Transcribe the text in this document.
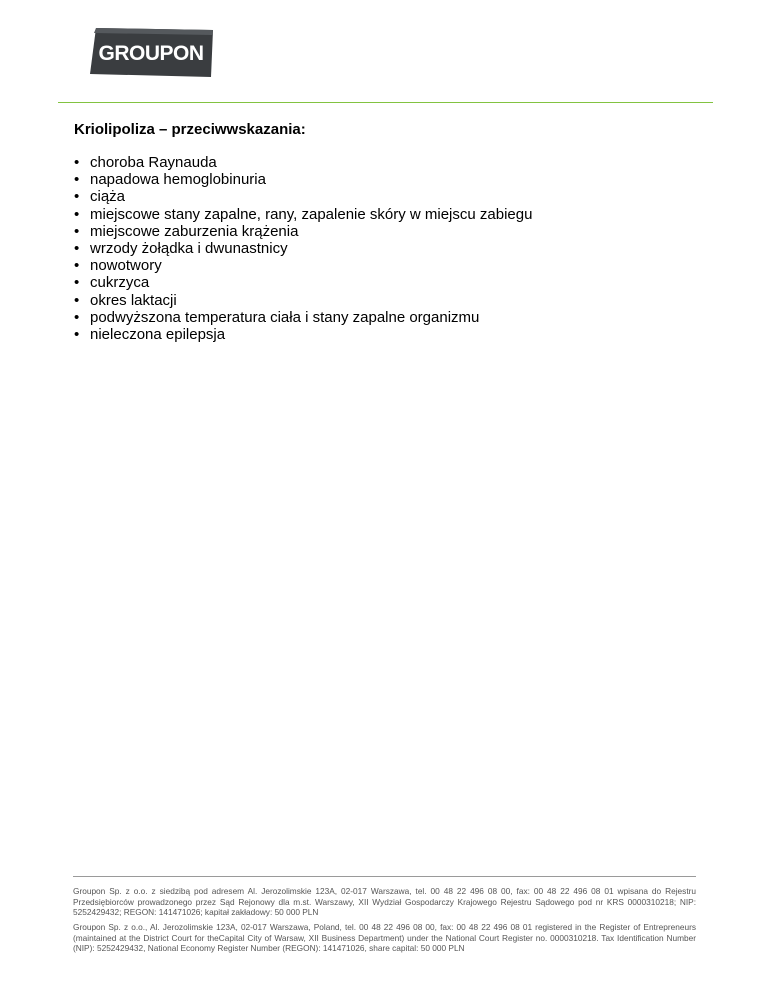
GROUPON
Kriolipoliza – przeciwwskazania:
• choroba Raynauda
• napadowa hemoglobinuria
• ciąża
• miejscowe stany zapalne, rany, zapalenie skóry w miejscu zabiegu
• miejscowe zaburzenia krążenia
• wrzody żołądka i dwunastnicy
• nowotwory
• cukrzyca
• okres laktacji
• podwyższona temperatura ciała i stany zapalne organizmu
• nieleczona epilepsja

Groupon Sp. z o.o. z siedzibą pod adresem Al. Jerozolimskie 123A, 02-017 Warszawa, tel. 00 48 22 496 08 00, fax: 00 48 22 496 08 01 wpisana do Rejestru Przedsiębiorców prowadzonego przez Sąd Rejonowy dla m.st. Warszawy, XII Wydział Gospodarczy Krajowego Rejestru Sądowego pod nr KRS 0000310218; NIP: 5252429432; REGON: 141471026; kapitał zakładowy: 50 000 PLN

Groupon Sp. z o.o., Al. Jerozolimskie 123A, 02-017 Warszawa, Poland, tel. 00 48 22 496 08 00, fax: 00 48 22 496 08 01 registered in the Register of Entrepreneurs (maintained at the District Court for theCapital City of Warsaw, XII Business Department) under the National Court Register no. 0000310218. Tax Identification Number (NIP): 5252429432, National Economy Register Number (REGON): 141471026, share capital: 50 000 PLN
